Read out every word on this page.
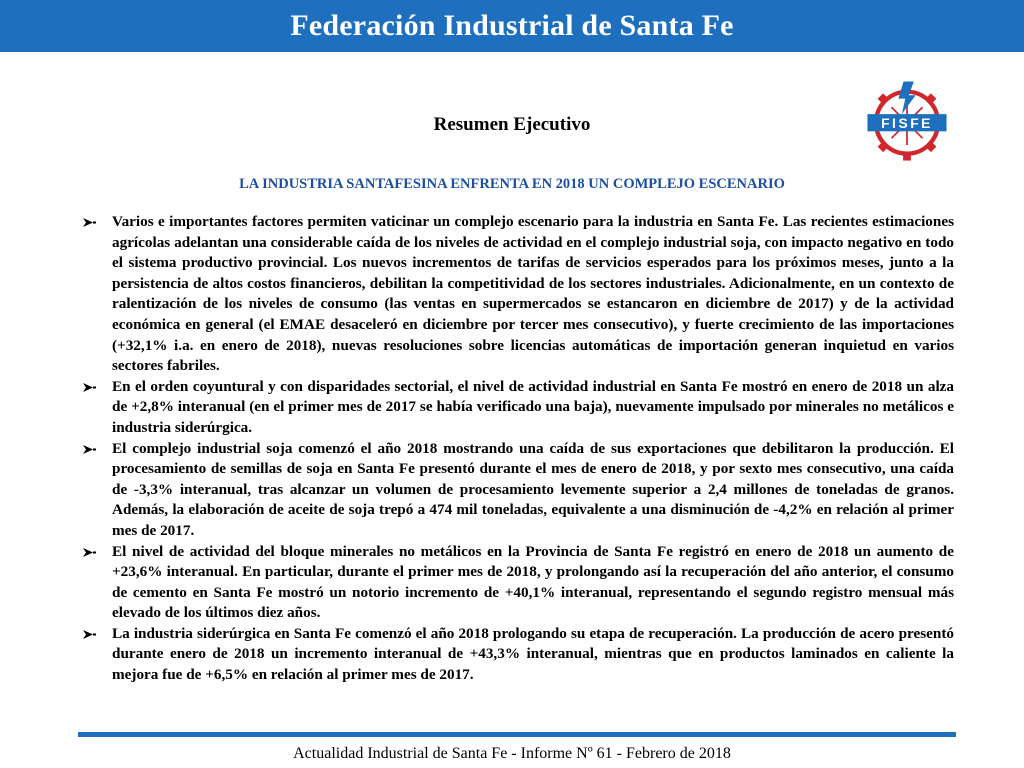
Federación Industrial de Santa Fe
FISFE
Resumen Ejecutivo
LA INDUSTRIA SANTAFESINA ENFRENTA EN 2018 UN COMPLEJO ESCENARIO
Varios e importantes factores permiten vaticinar un complejo escenario para la industria en Santa Fe. Las recientes estimaciones agrícolas adelantan una considerable caída de los niveles de actividad en el complejo industrial soja, con impacto negativo en todo el sistema productivo provincial. Los nuevos incrementos de tarifas de servicios esperados para los próximos meses, junto a la persistencia de altos costos financieros, debilitan la competitividad de los sectores industriales. Adicionalmente, en un contexto de ralentización de los niveles de consumo (las ventas en supermercados se estancaron en diciembre de 2017) y de la actividad económica en general (el EMAE desaceleró en diciembre por tercer mes consecutivo), y fuerte crecimiento de las importaciones (+32,1% i.a. en enero de 2018), nuevas resoluciones sobre licencias automáticas de importación generan inquietud en varios sectores fabriles.
En el orden coyuntural y con disparidades sectorial, el nivel de actividad industrial en Santa Fe mostró en enero de 2018 un alza de +2,8% interanual (en el primer mes de 2017 se había verificado una baja), nuevamente impulsado por minerales no metálicos e industria siderúrgica.
El complejo industrial soja comenzó el año 2018 mostrando una caída de sus exportaciones que debilitaron la producción. El procesamiento de semillas de soja en Santa Fe presentó durante el mes de enero de 2018, y por sexto mes consecutivo, una caída de -3,3% interanual, tras alcanzar un volumen de procesamiento levemente superior a 2,4 millones de toneladas de granos. Además, la elaboración de aceite de soja trepó a 474 mil toneladas, equivalente a una disminución de -4,2% en relación al primer mes de 2017.
El nivel de actividad del bloque minerales no metálicos en la Provincia de Santa Fe registró en enero de 2018 un aumento de +23,6% interanual. En particular, durante el primer mes de 2018, y prolongando así la recuperación del año anterior, el consumo de cemento en Santa Fe mostró un notorio incremento de +40,1% interanual, representando el segundo registro mensual más elevado de los últimos diez años.
La industria siderúrgica en Santa Fe comenzó el año 2018 prologando su etapa de recuperación. La producción de acero presentó durante enero de 2018 un incremento interanual de +43,3% interanual, mientras que en productos laminados en caliente la mejora fue de +6,5% en relación al primer mes de 2017.
Actualidad Industrial de Santa Fe - Informe Nº 61 - Febrero de 2018
